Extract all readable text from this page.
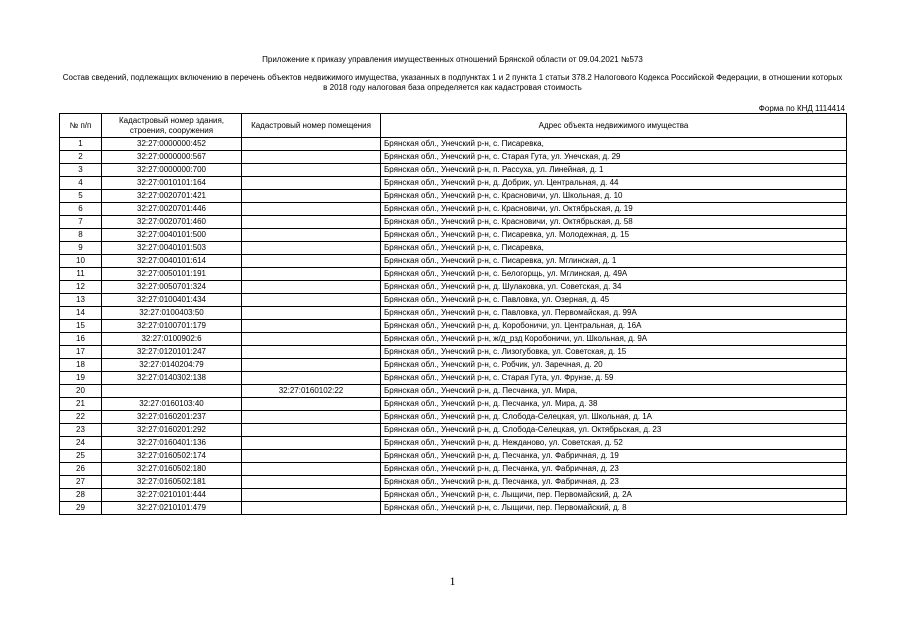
Приложение к приказу управления имущественных отношений Брянской области от 09.04.2021 №573
Состав сведений, подлежащих включению в перечень объектов недвижимого имущества, указанных в подпунктах 1 и 2 пункта 1 статьи 378.2 Налогового Кодекса Российской Федерации, в отношении которых в 2018 году налоговая база определяется как кадастровая стоимость
Форма по КНД 1114414
№ п/п	Кадастровый номер здания, строения, сооружения	Кадастровый номер помещения	Адрес объекта недвижимого имущества
1	32:27:0000000:452		Брянская обл., Унечский р-н, с. Писаревка,
2	32:27:0000000:567		Брянская обл., Унечский р-н, с. Старая Гута, ул. Унечская, д. 29
3	32:27:0000000:700		Брянская обл., Унечский р-н, п. Рассуха, ул. Линейная, д. 1
4	32:27:0010101:164		Брянская обл., Унечский р-н, д. Добрик, ул. Центральная, д. 44
5	32:27:0020701:421		Брянская обл., Унечский р-н, с. Красновичи, ул. Школьная, д. 10
6	32:27:0020701:446		Брянская обл., Унечский р-н, с. Красновичи, ул. Октябрьская, д. 19
7	32:27:0020701:460		Брянская обл., Унечский р-н, с. Красновичи, ул. Октябрьская, д. 58
8	32:27:0040101:500		Брянская обл., Унечский р-н, с. Писаревка, ул. Молодежная, д. 15
9	32:27:0040101:503		Брянская обл., Унечский р-н, с. Писаревка,
10	32:27:0040101:614		Брянская обл., Унечский р-н, с. Писаревка, ул. Мглинская, д. 1
11	32:27:0050101:191		Брянская обл., Унечский р-н, с. Белогорщь, ул. Мглинская, д. 49А
12	32:27:0050701:324		Брянская обл., Унечский р-н, д. Шулаковка, ул. Советская, д. 34
13	32:27:0100401:434		Брянская обл., Унечский р-н, с. Павловка, ул. Озерная, д. 45
14	32:27:0100403:50		Брянская обл., Унечский р-н, с. Павловка, ул. Первомайская, д. 99А
15	32:27:0100701:179		Брянская обл., Унечский р-н, д. Коробоничи, ул. Центральная, д. 16А
16	32:27:0100902:6		Брянская обл., Унечский р-н, ж/д_рзд Коробоничи, ул. Школьная, д. 9А
17	32:27:0120101:247		Брянская обл., Унечский р-н, с. Лизогубовка, ул. Советская, д. 15
18	32:27:0140204:79		Брянская обл., Унечский р-н, с. Робчик, ул. Заречная, д. 20
19	32:27:0140302:138		Брянская обл., Унечский р-н, с. Старая Гута, ул. Фрунзе, д. 59
20		32:27:0160102:22	Брянская обл., Унечский р-н, д. Песчанка, ул. Мира,
21	32:27:0160103:40		Брянская обл., Унечский р-н, д. Песчанка, ул. Мира, д. 38
22	32:27:0160201:237		Брянская обл., Унечский р-н, д. Слобода-Селецкая, ул. Школьная, д. 1А
23	32:27:0160201:292		Брянская обл., Унечский р-н, д. Слобода-Селецкая, ул. Октябрьская, д. 23
24	32:27:0160401:136		Брянская обл., Унечский р-н, д. Нежданово, ул. Советская, д. 52
25	32:27:0160502:174		Брянская обл., Унечский р-н, д. Песчанка, ул. Фабричная, д. 19
26	32:27:0160502:180		Брянская обл., Унечский р-н, д. Песчанка, ул. Фабричная, д. 23
27	32:27:0160502:181		Брянская обл., Унечский р-н, д. Песчанка, ул. Фабричная, д. 23
28	32:27:0210101:444		Брянская обл., Унечский р-н, с. Лыщичи, пер. Первомайский, д. 2А
29	32:27:0210101:479		Брянская обл., Унечский р-н, с. Лыщичи, пер. Первомайский, д. 8
1
